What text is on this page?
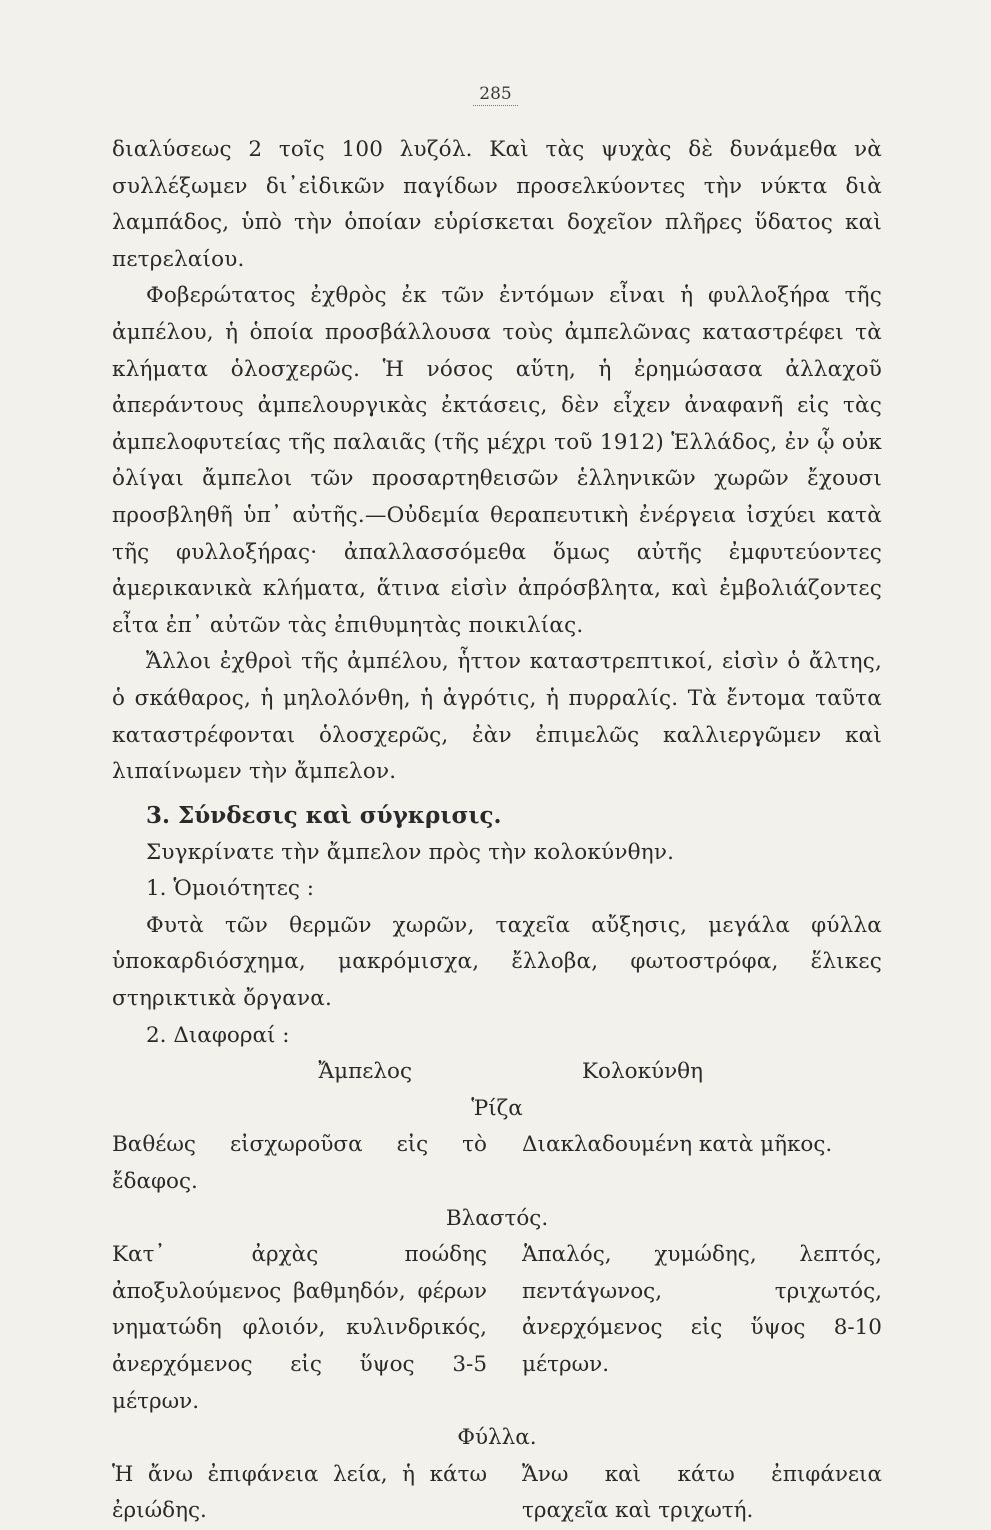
285

διαλύσεως 2 τοῖς 100 λυζόλ. Καὶ τὰς ψυχὰς δὲ δυνάμεθα νὰ συλλέξωμεν δι᾿εἰδικῶν παγίδων προσελκύοντες τὴν νύκτα διὰ λαμπάδος, ὑπὸ τὴν ὁποίαν εὑρίσκεται δοχεῖον πλῆρες ὕδατος καὶ πετρελαίου.

Φοβερώτατος ἐχθρὸς ἐκ τῶν ἐντόμων εἶναι ἡ φυλλοξήρα τῆς ἀμπέλου, ἡ ὁποία προσβάλλουσα τοὺς ἀμπελῶνας καταστρέφει τὰ κλήματα ὁλοσχερῶς. Ἡ νόσος αὕτη, ἡ ἐρημώσασα ἀλλαχοῦ ἀπεράντους ἀμπελουργικὰς ἐκτάσεις, δὲν εἶχεν ἀναφανῆ εἰς τὰς ἀμπελοφυτείας τῆς παλαιᾶς (τῆς μέχρι τοῦ 1912) Ἑλλάδος, ἐν ᾧ οὐκ ὀλίγαι ἄμπελοι τῶν προσαρτηθεισῶν ἑλληνικῶν χωρῶν ἔχουσι προσβληθῆ ὑπ᾿ αὐτῆς.—Οὐδεμία θεραπευτικὴ ἐνέργεια ἰσχύει κατὰ τῆς φυλλοξήρας· ἀπαλλασσόμεθα ὅμως αὐτῆς ἐμφυτεύοντες ἀμερικανικὰ κλήματα, ἅτινα εἰσὶν ἀπρόσβλητα, καὶ ἐμβολιάζοντες εἶτα ἐπ᾿ αὐτῶν τὰς ἐπιθυμητὰς ποικιλίας.

Ἄλλοι ἐχθροὶ τῆς ἀμπέλου, ἧττον καταστρεπτικοί, εἰσὶν ὁ ἄλτης, ὁ σκάθαρος, ἡ μηλολόνθη, ἡ ἀγρότις, ἡ πυρραλίς. Τὰ ἔντομα ταῦτα καταστρέφονται ὁλοσχερῶς, ἐὰν ἐπιμελῶς καλλιεργῶμεν καὶ λιπαίνωμεν τὴν ἄμπελον.

3. Σύνδεσις καὶ σύγκρισις.

Συγκρίνατε τὴν ἄμπελον πρὸς τὴν κολοκύνθην.

1. Ὁμοιότητες :

Φυτὰ τῶν θερμῶν χωρῶν, ταχεῖα αὔξησις, μεγάλα φύλλα ὑποκαρδιόσχημα, μακρόμισχα, ἔλλοβα, φωτοστρόφα, ἕλικες στηρικτικὰ ὄργανα.

2. Διαφοραί :
Ἄμπελος	Κολοκύνθη
Ῥίζα
Βαθέως εἰσχωροῦσα εἰς τὸ ἔδαφος.
Διακλαδουμένη κατὰ μῆκος.
Βλαστός.
Κατ᾿ ἀρχὰς ποώδης ἀποξυλούμενος βαθμηδόν, φέρων νηματώδη φλοιόν, κυλινδρικός, ἀνερχόμενος εἰς ὕψος 3-5 μέτρων.
Ἁπαλός, χυμώδης, λεπτός, πεντάγωνος, τριχωτός, ἀνερχόμενος εἰς ὕψος 8-10 μέτρων.
Φύλλα.
Ἡ ἄνω ἐπιφάνεια λεία, ἡ κάτω ἐριώδης.
Ἄνω καὶ κάτω ἐπιφάνεια τραχεῖα καὶ τριχωτή.
